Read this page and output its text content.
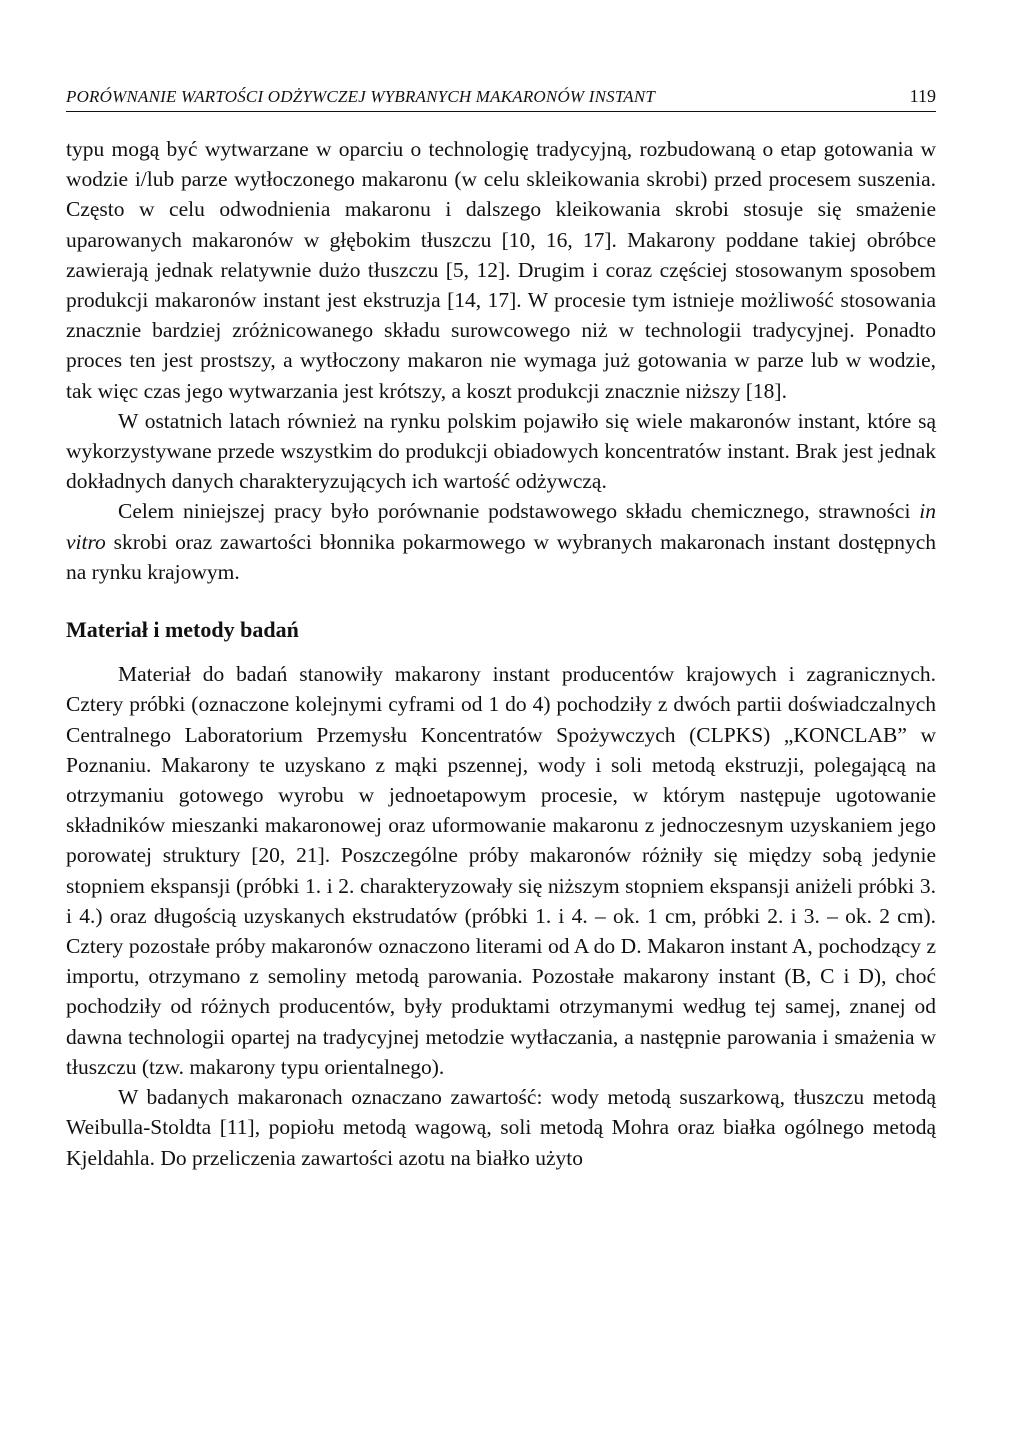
PORÓWNANIE WARTOŚCI ODŻYWCZEJ WYBRANYCH MAKARONÓW INSTANT	119

typu mogą być wytwarzane w oparciu o technologię tradycyjną, rozbudowaną o etap gotowania w wodzie i/lub parze wytłoczonego makaronu (w celu skleikowania skrobi) przed procesem suszenia. Często w celu odwodnienia makaronu i dalszego kleikowania skrobi stosuje się smażenie uparowanych makaronów w głębokim tłuszczu [10, 16, 17]. Makarony poddane takiej obróbce zawierają jednak relatywnie dużo tłuszczu [5, 12]. Drugim i coraz częściej stosowanym sposobem produkcji makaronów instant jest ekstruzja [14, 17]. W procesie tym istnieje możliwość stosowania znacznie bardziej zróżnicowanego składu surowcowego niż w technologii tradycyjnej. Ponadto proces ten jest prostszy, a wytłoczony makaron nie wymaga już gotowania w parze lub w wodzie, tak więc czas jego wytwarzania jest krótszy, a koszt produkcji znacznie niższy [18].

W ostatnich latach również na rynku polskim pojawiło się wiele makaronów instant, które są wykorzystywane przede wszystkim do produkcji obiadowych koncentratów instant. Brak jest jednak dokładnych danych charakteryzujących ich wartość odżywczą.

Celem niniejszej pracy było porównanie podstawowego składu chemicznego, strawności in vitro skrobi oraz zawartości błonnika pokarmowego w wybranych makaronach instant dostępnych na rynku krajowym.

Materiał i metody badań

Materiał do badań stanowiły makarony instant producentów krajowych i zagranicznych. Cztery próbki (oznaczone kolejnymi cyframi od 1 do 4) pochodziły z dwóch partii doświadczalnych Centralnego Laboratorium Przemysłu Koncentratów Spożywczych (CLPKS) „KONCLAB” w Poznaniu. Makarony te uzyskano z mąki pszennej, wody i soli metodą ekstruzji, polegającą na otrzymaniu gotowego wyrobu w jednoetapowym procesie, w którym następuje ugotowanie składników mieszanki makaronowej oraz uformowanie makaronu z jednoczesnym uzyskaniem jego porowatej struktury [20, 21]. Poszczególne próby makaronów różniły się między sobą jedynie stopniem ekspansji (próbki 1. i 2. charakteryzowały się niższym stopniem ekspansji aniżeli próbki 3. i 4.) oraz długością uzyskanych ekstrudatów (próbki 1. i 4. – ok. 1 cm, próbki 2. i 3. – ok. 2 cm). Cztery pozostałe próby makaronów oznaczono literami od A do D. Makaron instant A, pochodzący z importu, otrzymano z semoliny metodą parowania. Pozostałe makarony instant (B, C i D), choć pochodziły od różnych producentów, były produktami otrzymanymi według tej samej, znanej od dawna technologii opartej na tradycyjnej metodzie wytłaczania, a następnie parowania i smażenia w tłuszczu (tzw. makarony typu orientalnego).

W badanych makaronach oznaczano zawartość: wody metodą suszarkową, tłuszczu metodą Weibulla-Stoldta [11], popiołu metodą wagową, soli metodą Mohra oraz białka ogólnego metodą Kjeldahla. Do przeliczenia zawartości azotu na białko użyto
